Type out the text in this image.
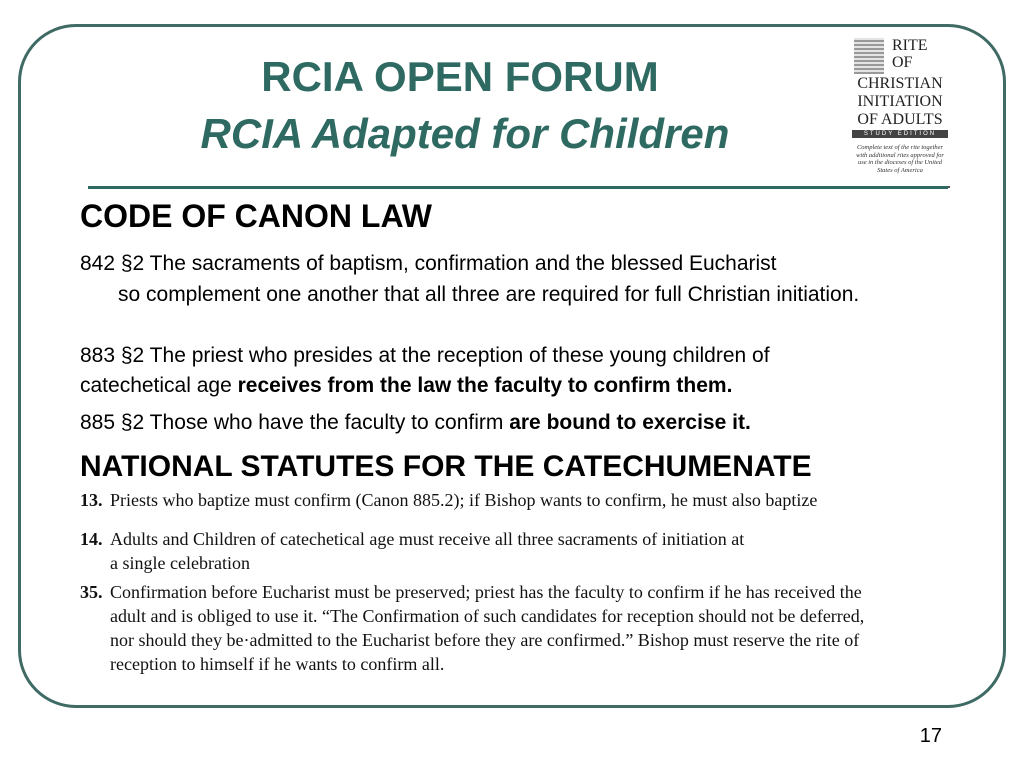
RCIA OPEN FORUM
RCIA Adapted for Children
RITE
OF
CHRISTIAN
INITIATION
OF ADULTS
STUDY EDITION
Complete text of the rite together with additional rites approved for use in the dioceses of the United States of America
CODE OF CANON LAW
842 §2 The sacraments of baptism, confirmation and the blessed Eucharist
so complement one another that all three are required for full Christian initiation.
883 §2 The priest who presides at the reception of these young children of
catechetical age receives from the law the faculty to confirm them.
885 §2 Those who have the faculty to confirm are bound to exercise it.
NATIONAL STATUTES FOR THE CATECHUMENATE
13. Priests who baptize must confirm (Canon 885.2); if Bishop wants to confirm, he must also baptize
14. Adults and Children of catechetical age must receive all three sacraments of initiation at
a single celebration
35. Confirmation before Eucharist must be preserved; priest has the faculty to confirm if he has received the
adult and is obliged to use it. “The Confirmation of such candidates for reception should not be deferred,
nor should they be·admitted to the Eucharist before they are confirmed.” Bishop must reserve the rite of
reception to himself if he wants to confirm all.
17
